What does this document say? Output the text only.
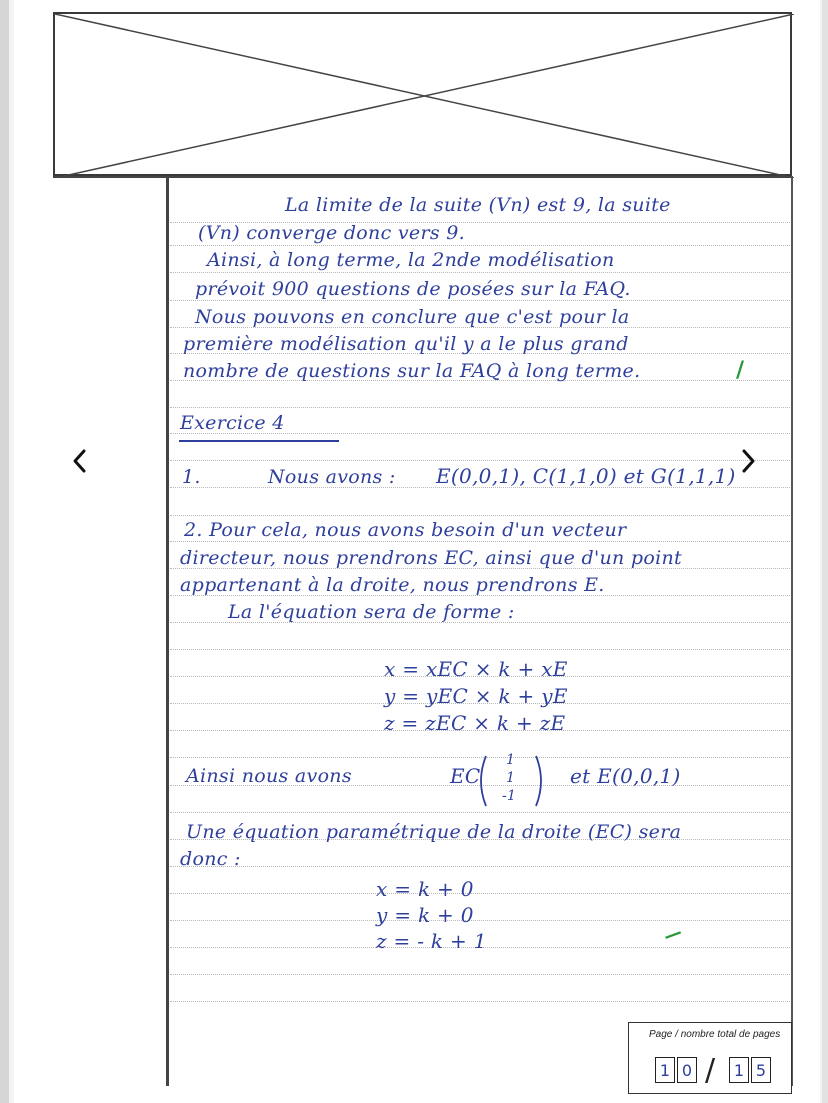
La limite de la suite (Vn) est 9, la suite
(Vn) converge donc vers 9.
Ainsi, à long terme, la 2nde modélisation
prévoit 900 questions de posées sur la FAQ.
Nous pouvons en conclure que c'est pour la
première modélisation qu'il y a le plus grand
nombre de questions sur la FAQ à long terme.	/
Exercice 4
1.	Nous avons : E(0,0,1), C(1,1,0) et G(1,1,1)
2. Pour cela, nous avons besoin d'un vecteur
directeur, nous prendrons EC, ainsi que d'un point
appartenant à la droite, nous prendrons E.
La l'équation sera de forme :
x = xEC × k + xE
y = yEC × k + yE
z = zEC × k + zE
Ainsi nous avons	EC
1
1
-1
et E(0,0,1)
Une équation paramétrique de la droite (EC) sera
donc :
x = k + 0
y = k + 0
z = - k + 1	—
Page / nombre total de pages
1 0 /	1 5
